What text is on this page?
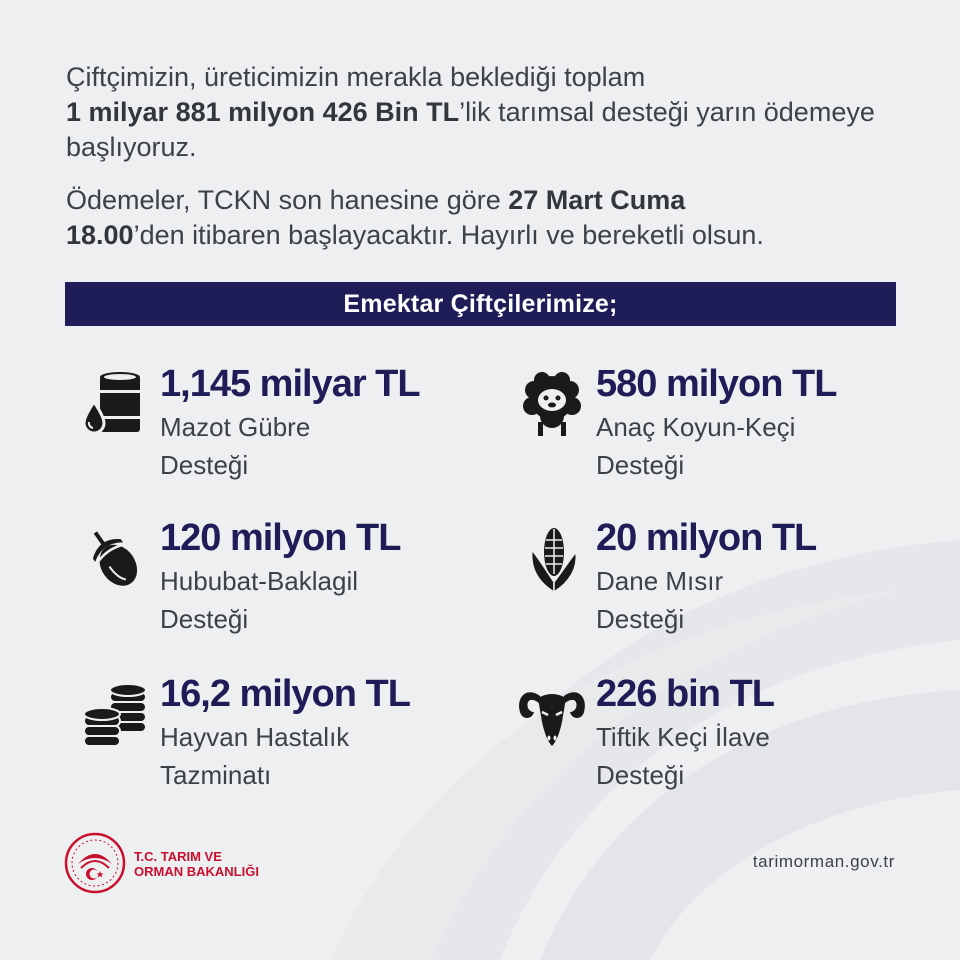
Çiftçimizin, üreticimizin merakla beklediği toplam
1 milyar 881 milyon 426 Bin TL’lik tarımsal desteği yarın ödemeye başlıyoruz.

Ödemeler, TCKN son hanesine göre 27 Mart Cuma
18.00’den itibaren başlayacaktır. Hayırlı ve bereketli olsun.

Emektar Çiftçilerimize;
1,145 milyar TL
Mazot Gübre
Desteği
580 milyon TL
Anaç Koyun-Keçi
Desteği
120 milyon TL
Hububat-Baklagil
Desteği
20 milyon TL
Dane Mısır
Desteği
16,2 milyon TL
Hayvan Hastalık
Tazminatı
226 bin TL
Tiftik Keçi İlave
Desteği
T.C. TARIM VE
ORMAN BAKANLIĞI
tarimorman.gov.tr
